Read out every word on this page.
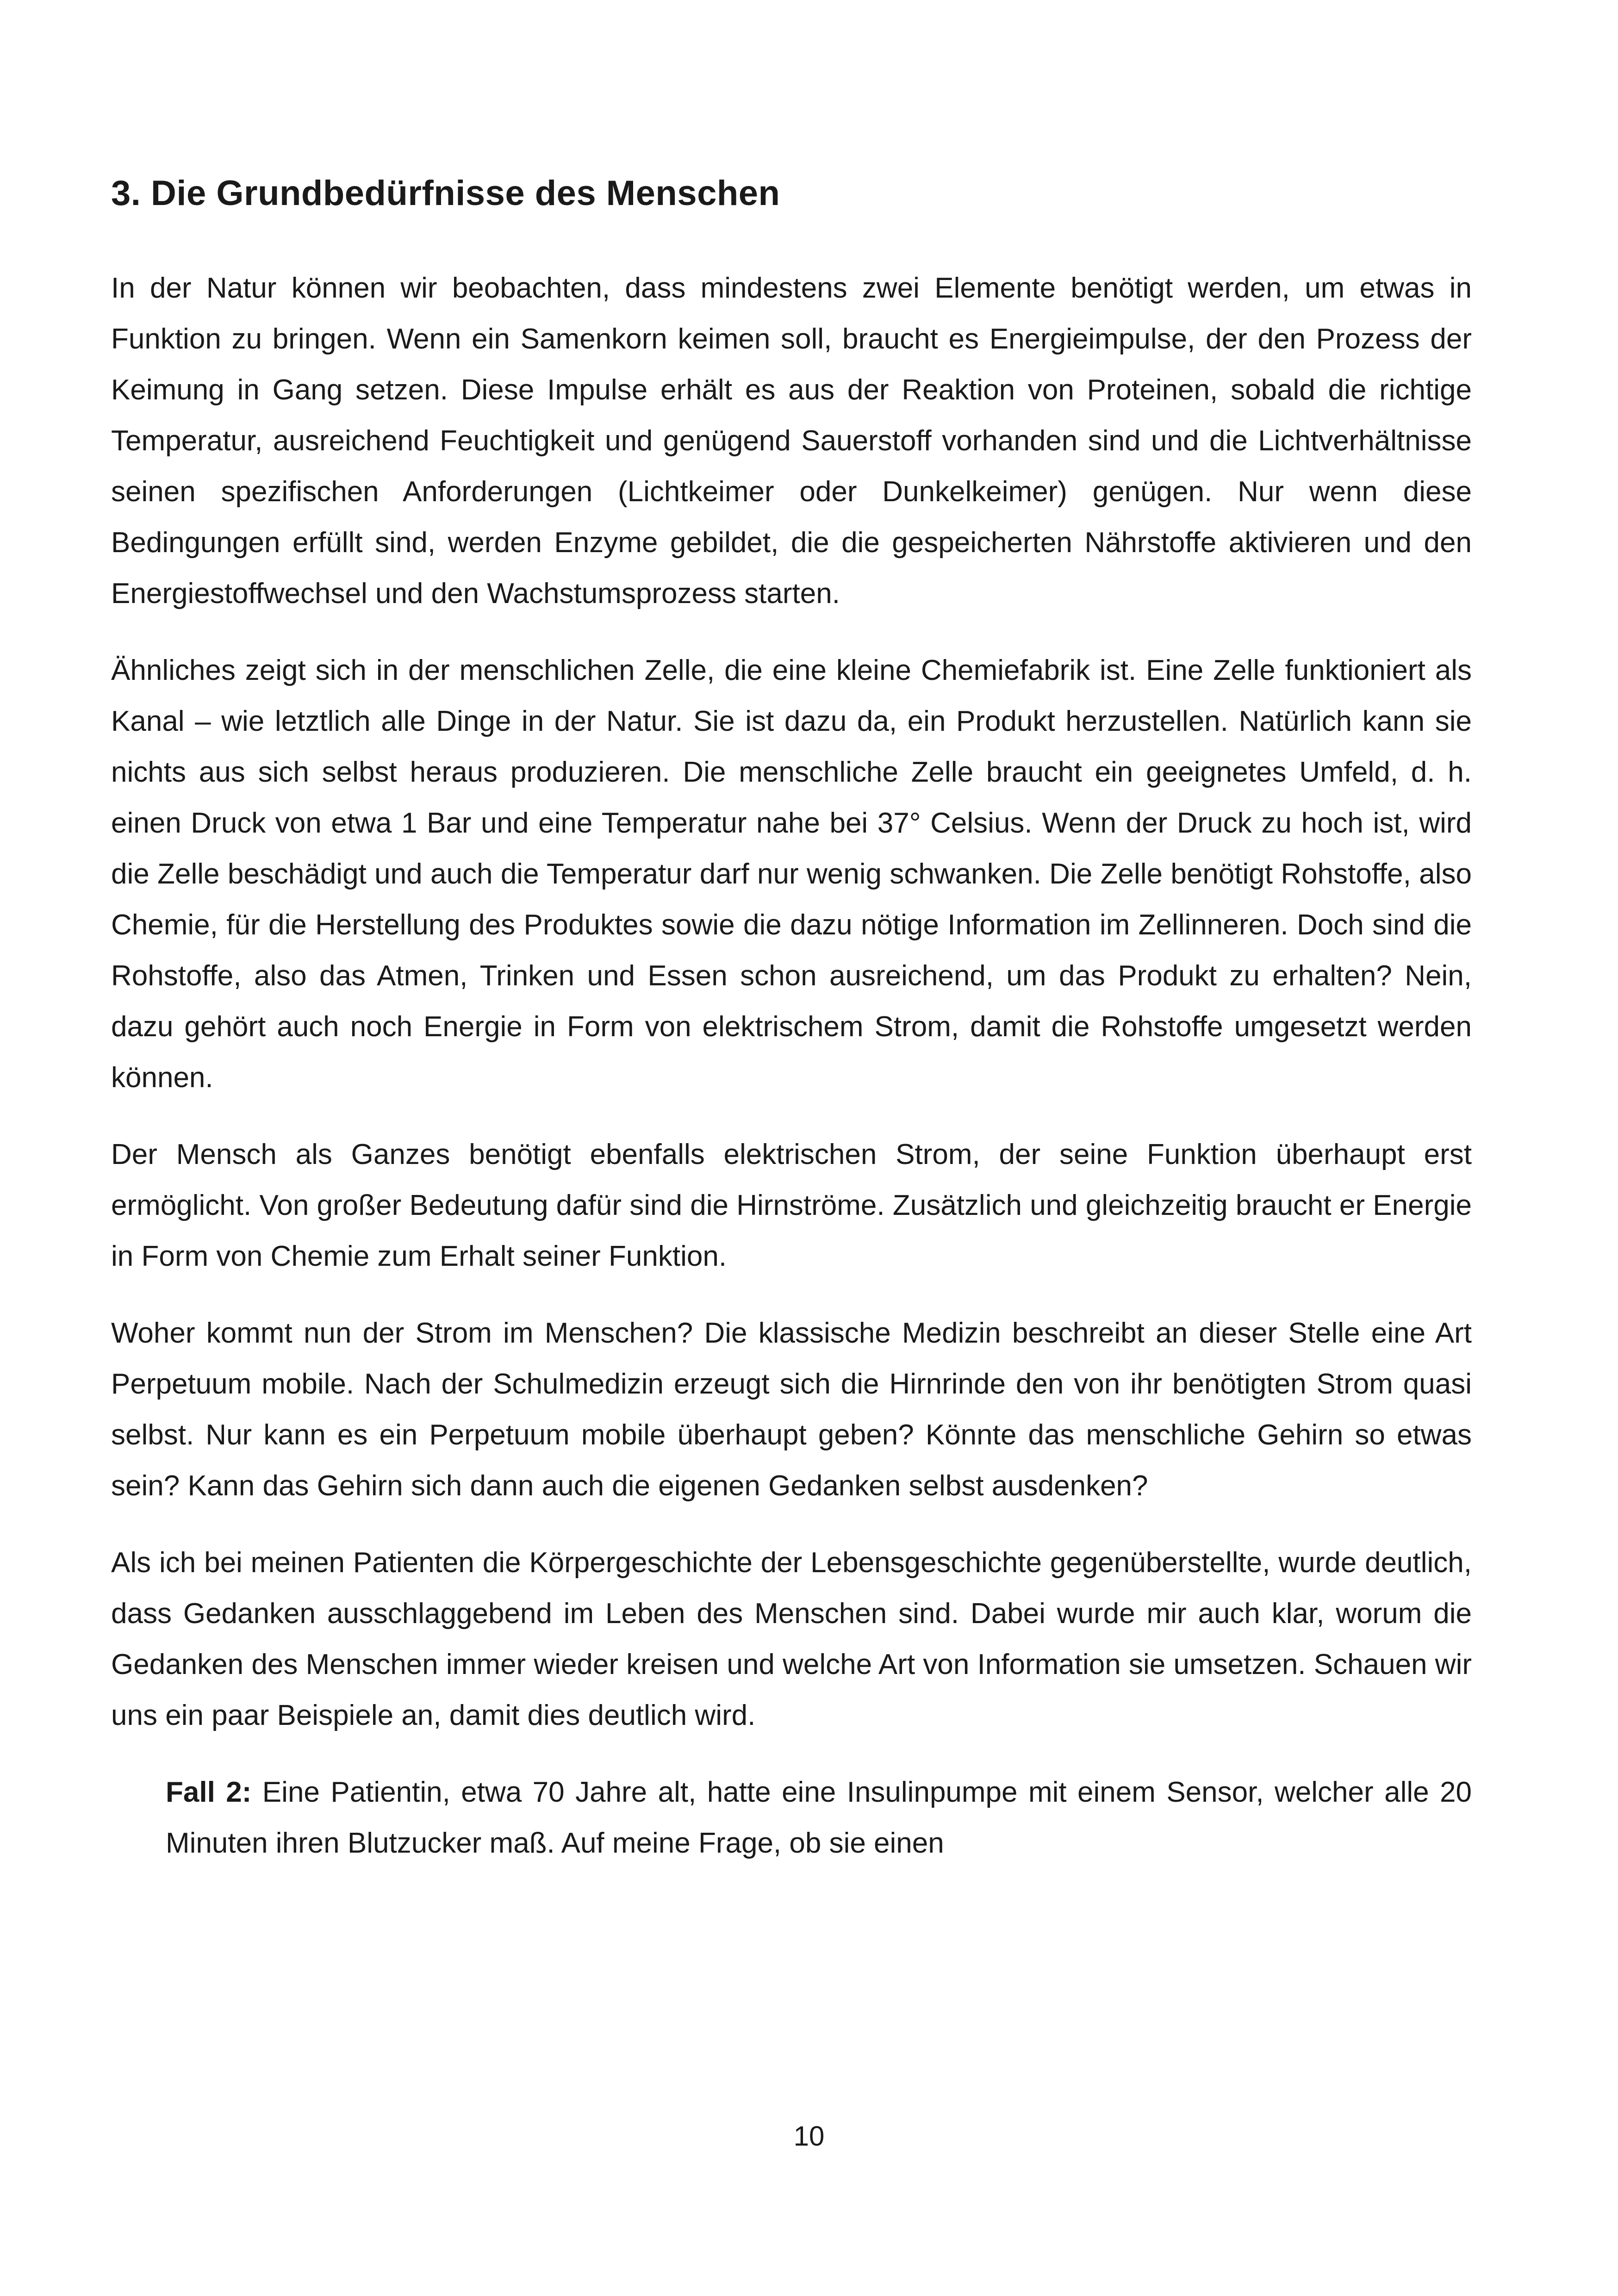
3. Die Grundbedürfnisse des Menschen

In der Natur können wir beobachten, dass mindestens zwei Elemente benötigt werden, um etwas in Funktion zu bringen. Wenn ein Samenkorn keimen soll, braucht es Energieimpulse, der den Prozess der Keimung in Gang setzen. Diese Impulse erhält es aus der Reaktion von Proteinen, sobald die richtige Temperatur, ausreichend Feuchtigkeit und genügend Sauerstoff vorhanden sind und die Lichtverhältnisse seinen spezifischen Anforderungen (Lichtkeimer oder Dunkelkeimer) genügen. Nur wenn diese Bedingungen erfüllt sind, werden Enzyme gebildet, die die gespeicherten Nährstoffe aktivieren und den Energiestoffwechsel und den Wachstumsprozess starten.

Ähnliches zeigt sich in der menschlichen Zelle, die eine kleine Chemiefabrik ist. Eine Zelle funktioniert als Kanal – wie letztlich alle Dinge in der Natur. Sie ist dazu da, ein Produkt herzustellen. Natürlich kann sie nichts aus sich selbst heraus produzieren. Die menschliche Zelle braucht ein geeignetes Umfeld, d. h. einen Druck von etwa 1 Bar und eine Temperatur nahe bei 37° Celsius. Wenn der Druck zu hoch ist, wird die Zelle beschädigt und auch die Temperatur darf nur wenig schwanken. Die Zelle benötigt Rohstoffe, also Chemie, für die Herstellung des Produktes sowie die dazu nötige Information im Zellinneren. Doch sind die Rohstoffe, also das Atmen, Trinken und Essen schon ausreichend, um das Produkt zu erhalten? Nein, dazu gehört auch noch Energie in Form von elektrischem Strom, damit die Rohstoffe umgesetzt werden können.

Der Mensch als Ganzes benötigt ebenfalls elektrischen Strom, der seine Funktion überhaupt erst ermöglicht. Von großer Bedeutung dafür sind die Hirnströme. Zusätzlich und gleichzeitig braucht er Energie in Form von Chemie zum Erhalt seiner Funktion.

Woher kommt nun der Strom im Menschen? Die klassische Medizin beschreibt an dieser Stelle eine Art Perpetuum mobile. Nach der Schulmedizin erzeugt sich die Hirnrinde den von ihr benötigten Strom quasi selbst. Nur kann es ein Perpetuum mobile überhaupt geben? Könnte das menschliche Gehirn so etwas sein? Kann das Gehirn sich dann auch die eigenen Gedanken selbst ausdenken?

Als ich bei meinen Patienten die Körpergeschichte der Lebensgeschichte gegenüberstellte, wurde deutlich, dass Gedanken ausschlaggebend im Leben des Menschen sind. Dabei wurde mir auch klar, worum die Gedanken des Menschen immer wieder kreisen und welche Art von Information sie umsetzen. Schauen wir uns ein paar Beispiele an, damit dies deutlich wird.

Fall 2: Eine Patientin, etwa 70 Jahre alt, hatte eine Insulinpumpe mit einem Sensor, welcher alle 20 Minuten ihren Blutzucker maß. Auf meine Frage, ob sie einen

10
